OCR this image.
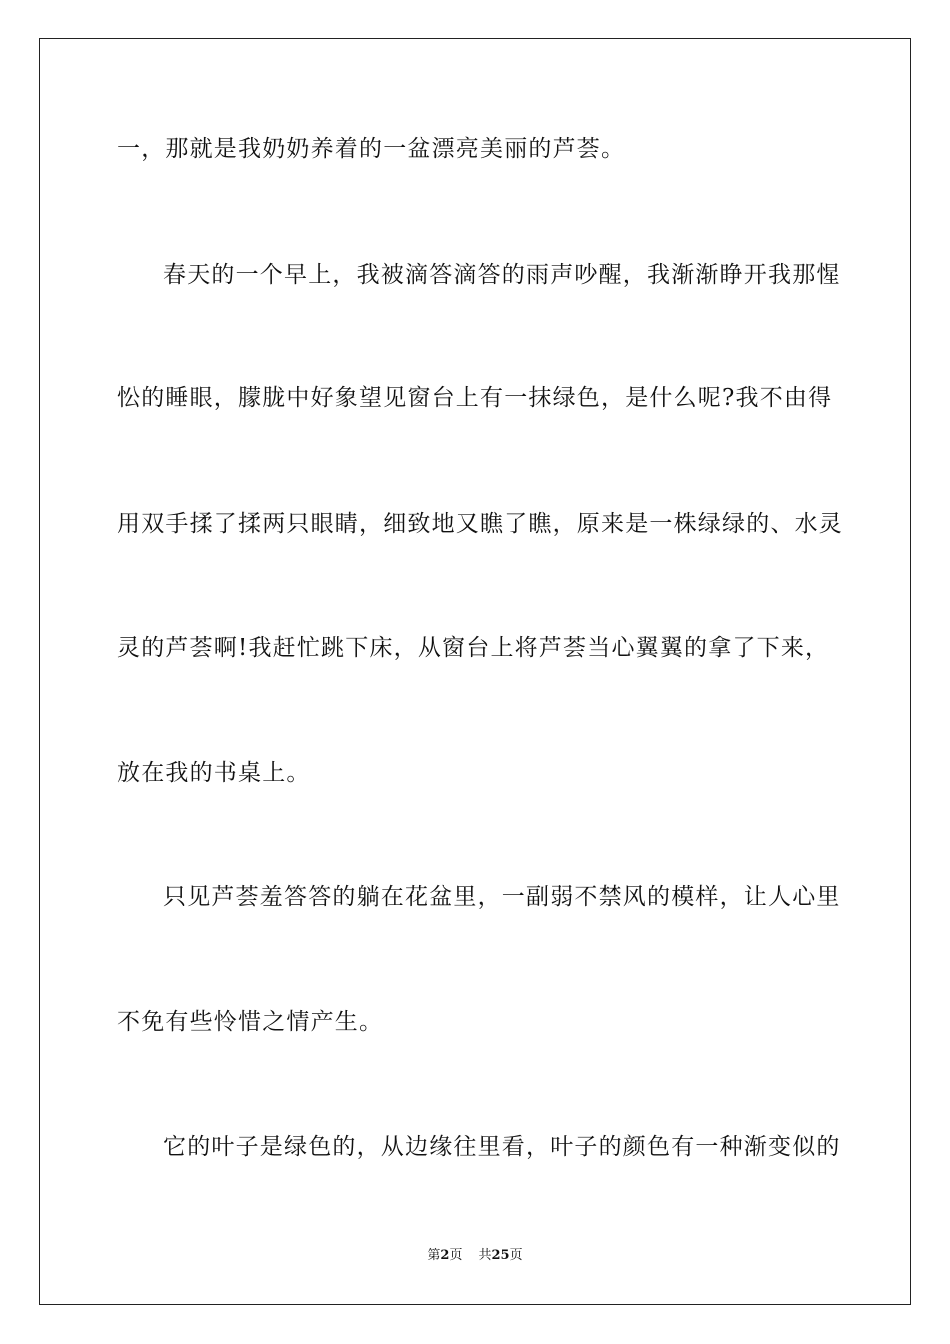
一，那就是我奶奶养着的一盆漂亮美丽的芦荟。
春天的一个早上，我被滴答滴答的雨声吵醒，我渐渐睁开我那惺
忪的睡眼，朦胧中好象望见窗台上有一抹绿色，是什么呢?我不由得
用双手揉了揉两只眼睛，细致地又瞧了瞧，原来是一株绿绿的、水灵
灵的芦荟啊!我赶忙跳下床，从窗台上将芦荟当心翼翼的拿了下来，
放在我的书桌上。
只见芦荟羞答答的躺在花盆里，一副弱不禁风的模样，让人心里
不免有些怜惜之情产生。
它的叶子是绿色的，从边缘往里看，叶子的颜色有一种渐变似的
第2页 共25页
